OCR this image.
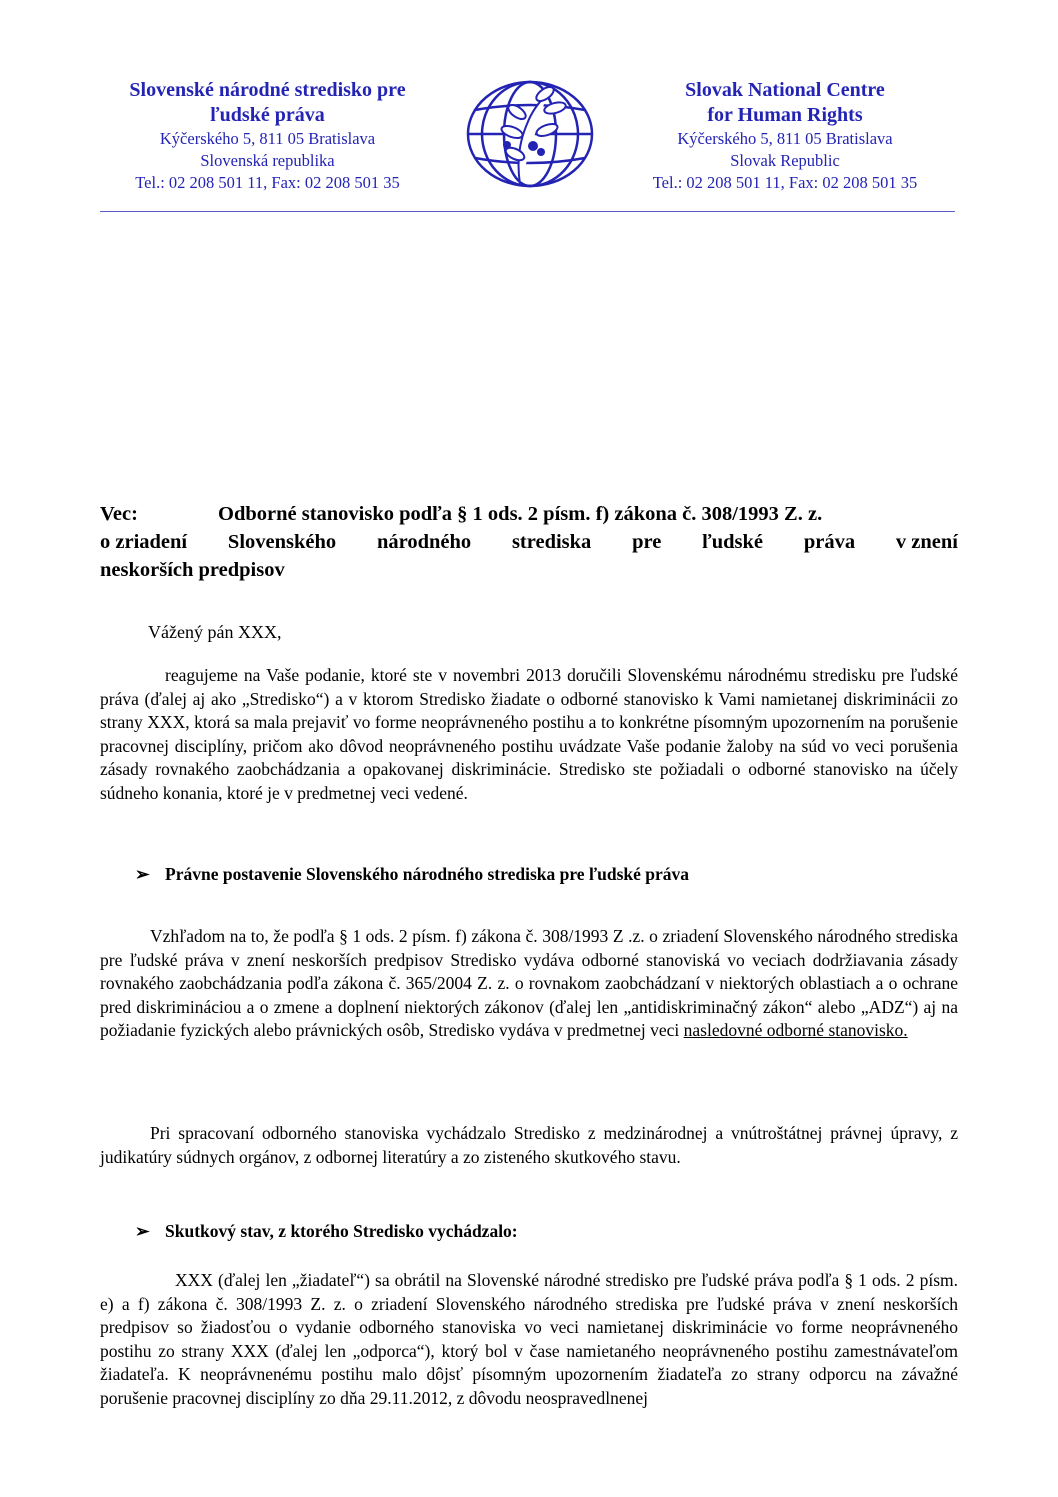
Slovenské národné stredisko pre

ľudské práva

Kýčerského 5, 811 05 Bratislava

Slovenská republika

Tel.: 02 208 501 11, Fax: 02 208 501 35

Slovak National Centre

for Human Rights

Kýčerského 5, 811 05 Bratislava

Slovak Republic

Tel.: 02 208 501 11, Fax: 02 208 501 35

Vec:	Odborné stanovisko podľa § 1 ods. 2 písm. f) zákona č. 308/1993 Z. z.
o zriadení Slovenského národného strediska pre ľudské práva v znení
neskorších predpisov
Vážený pán XXX,

reagujeme na Vaše podanie, ktoré ste v novembri 2013 doručili Slovenskému národnému stredisku pre ľudské práva (ďalej aj ako „Stredisko“) a v ktorom Stredisko žiadate o odborné stanovisko k Vami namietanej diskriminácii zo strany XXX, ktorá sa mala prejaviť vo forme neoprávneného postihu a to konkrétne písomným upozornením na porušenie pracovnej disciplíny, pričom ako dôvod neoprávneného postihu uvádzate Vaše podanie žaloby na súd vo veci porušenia zásady rovnakého zaobchádzania a opakovanej diskriminácie. Stredisko ste požiadali o odborné stanovisko na účely súdneho konania, ktoré je v predmetnej veci vedené.

➢ Právne postavenie Slovenského národného strediska pre ľudské práva

Vzhľadom na to, že podľa § 1 ods. 2 písm. f) zákona č. 308/1993 Z .z. o zriadení Slovenského národného strediska pre ľudské práva v znení neskorších predpisov Stredisko vydáva odborné stanoviská vo veciach dodržiavania zásady rovnakého zaobchádzania podľa zákona č. 365/2004 Z. z. o rovnakom zaobchádzaní v niektorých oblastiach a o ochrane pred diskrimináciou a o zmene a doplnení niektorých zákonov (ďalej len „antidiskriminačný zákon“ alebo „ADZ“) aj na požiadanie fyzických alebo právnických osôb, Stredisko vydáva v predmetnej veci nasledovné odborné stanovisko.

Pri spracovaní odborného stanoviska vychádzalo Stredisko z medzinárodnej a vnútroštátnej právnej úpravy, z judikatúry súdnych orgánov, z odbornej literatúry a zo zisteného skutkového stavu.

➢ Skutkový stav, z ktorého Stredisko vychádzalo:

XXX (ďalej len „žiadateľ“) sa obrátil na Slovenské národné stredisko pre ľudské práva podľa § 1 ods. 2 písm. e) a f) zákona č. 308/1993 Z. z. o zriadení Slovenského národného strediska pre ľudské práva v znení neskorších predpisov so žiadosťou o vydanie odborného stanoviska vo veci namietanej diskriminácie vo forme neoprávneného postihu zo strany XXX (ďalej len „odporca“), ktorý bol v čase namietaného neoprávneného postihu zamestnávateľom žiadateľa. K neoprávnenému postihu malo dôjsť písomným upozornením žiadateľa zo strany odporcu na závažné porušenie pracovnej disciplíny zo dňa 29.11.2012, z dôvodu neospravedlnenej
